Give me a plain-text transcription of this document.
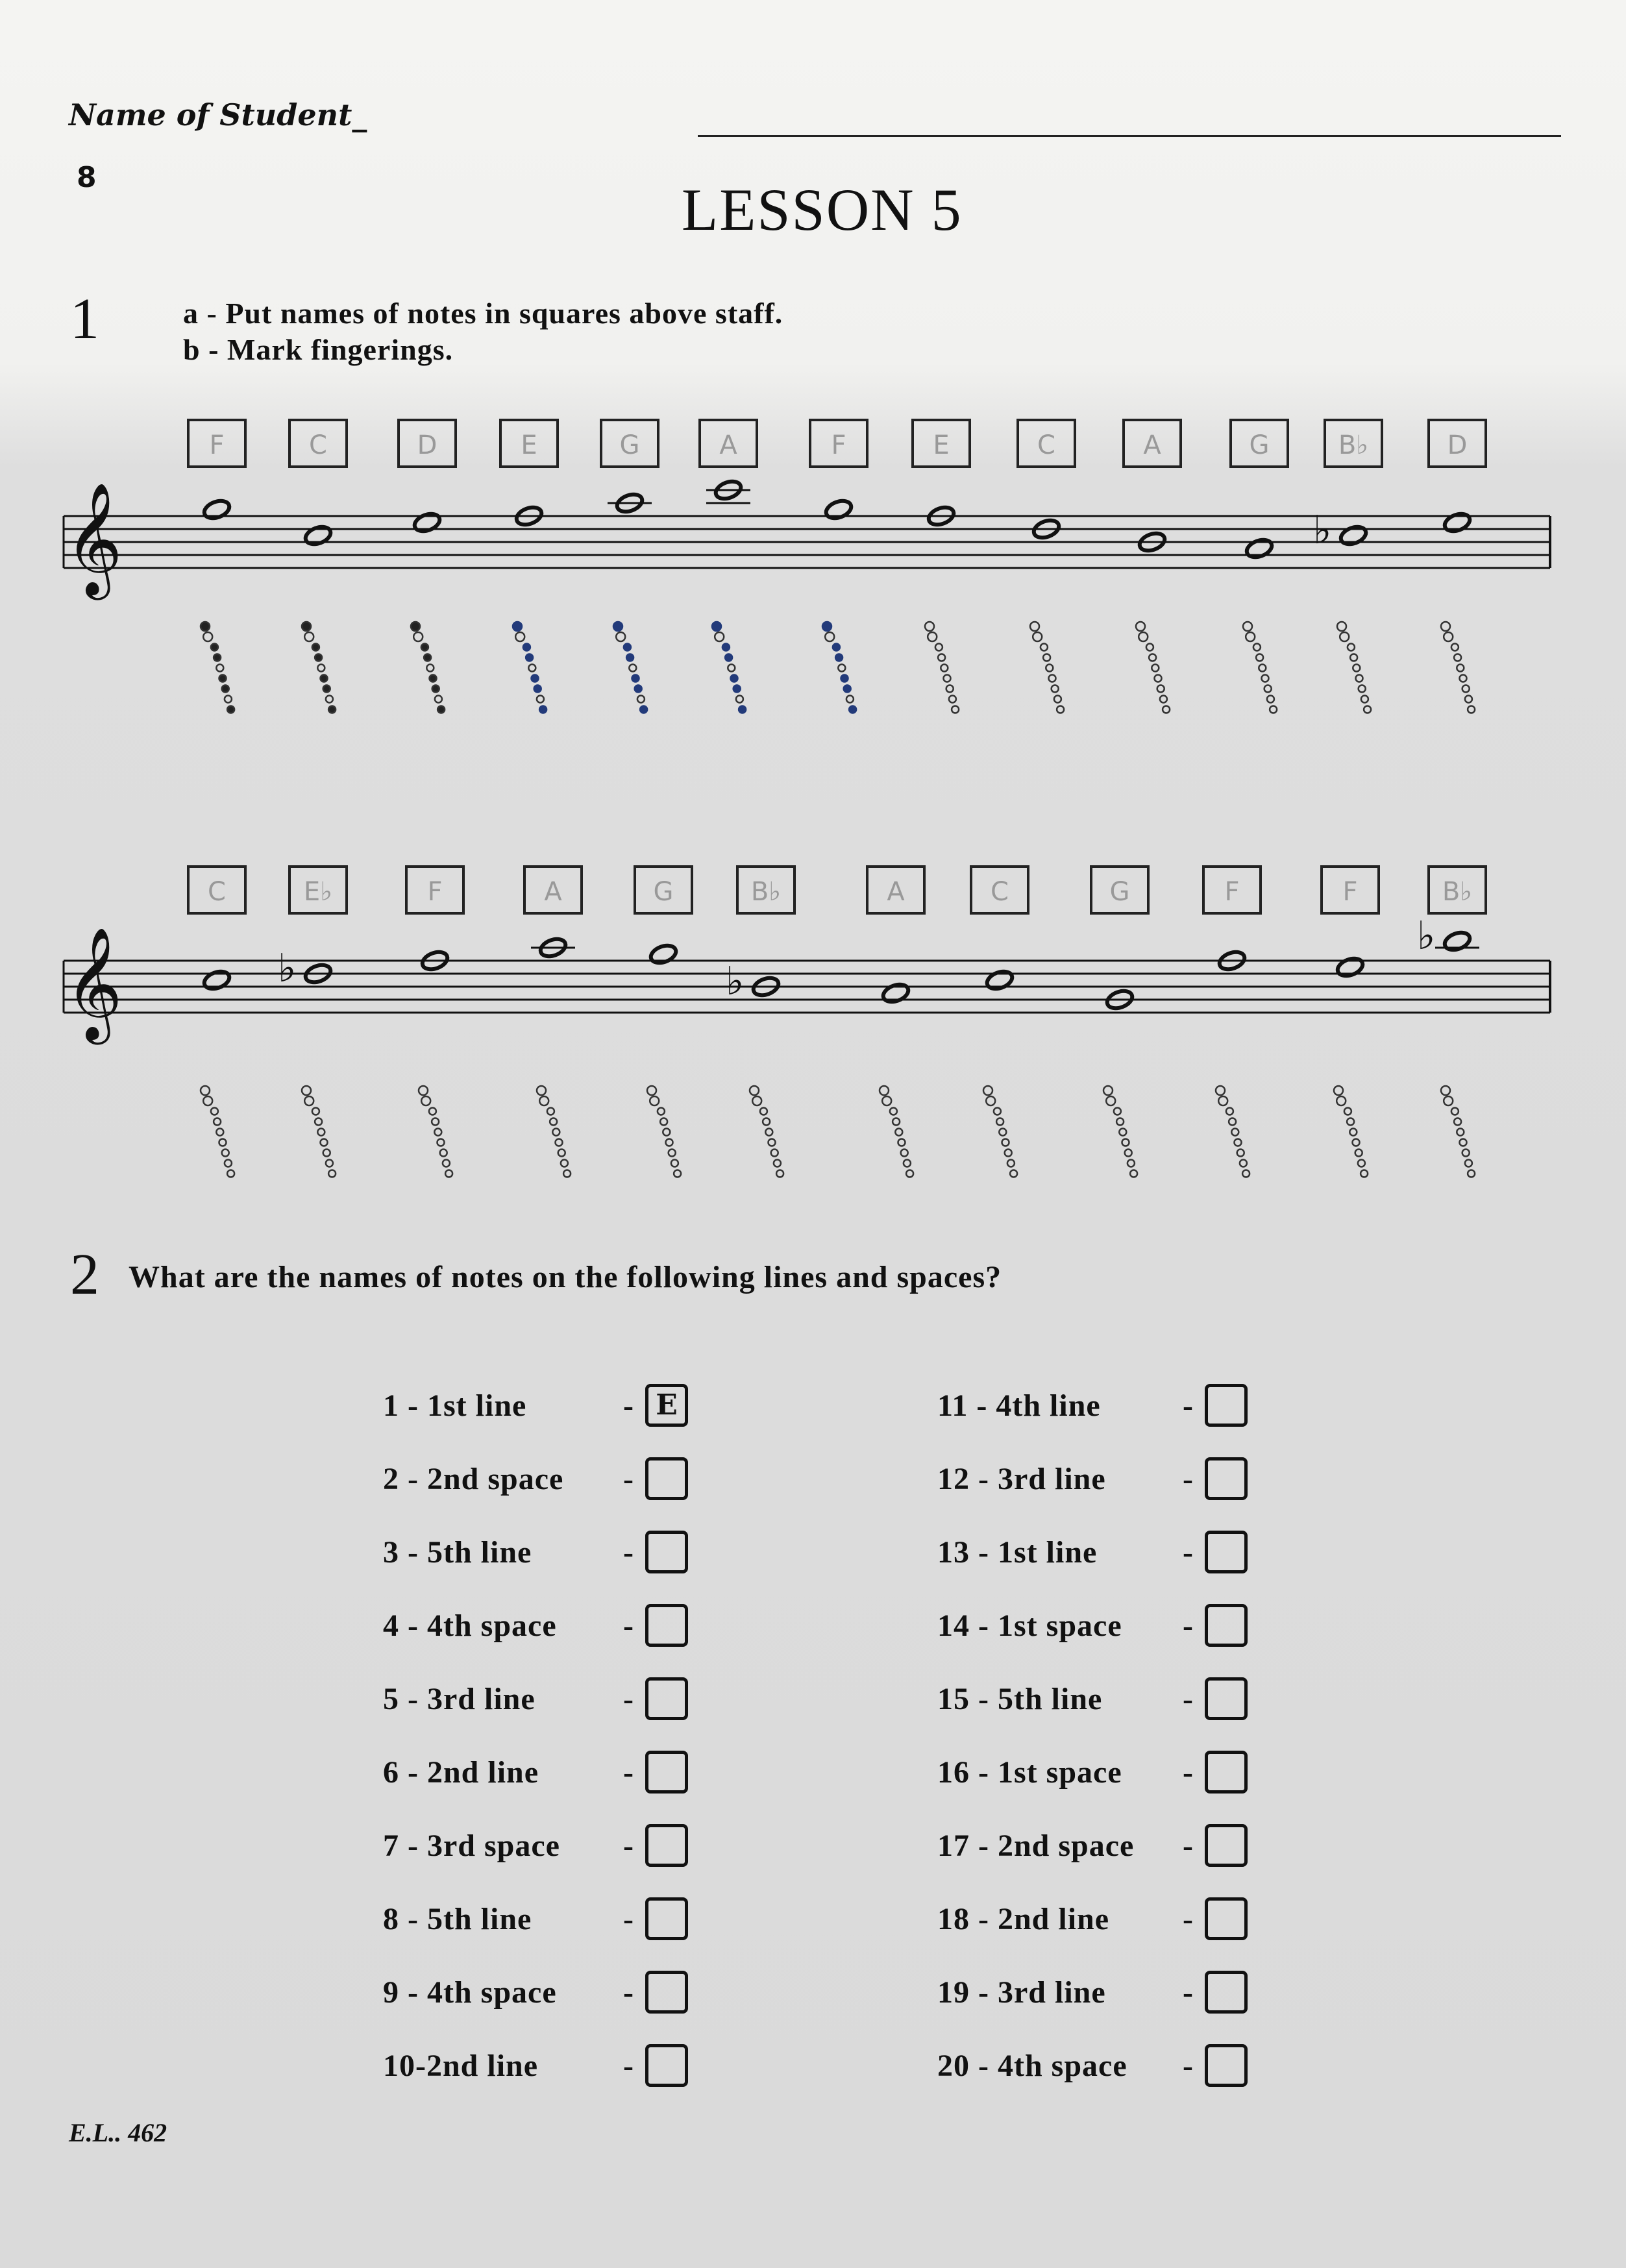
Name of Student_
8	LESSON 5
1	a - Put names of notes in squares above staff.
b - Mark fingerings.
𝄞
F	C	D	E	G	A	F	E	C	A	G	B♭
♭
D
𝄞
C	E♭
♭
F	A	G	B♭
♭
A	C	G	F	F	B♭
♭
2 What are the names of notes on the following lines and spaces?
1 - 1st line	- E
2 - 2nd space -
3 - 5th line	-
4 - 4th space -
5 - 3rd line	-
6 - 2nd line	-
7 - 3rd space -
8 - 5th line	-
9 - 4th space -
10-2nd line	-
11 - 4th line	-
12 - 3rd line -
13 - 1st line	-
14 - 1st space -
15 - 5th line	-
16 - 1st space -
17 - 2nd space -
18 - 2nd line -
19 - 3rd line -
20 - 4th space -
E.L.. 462
